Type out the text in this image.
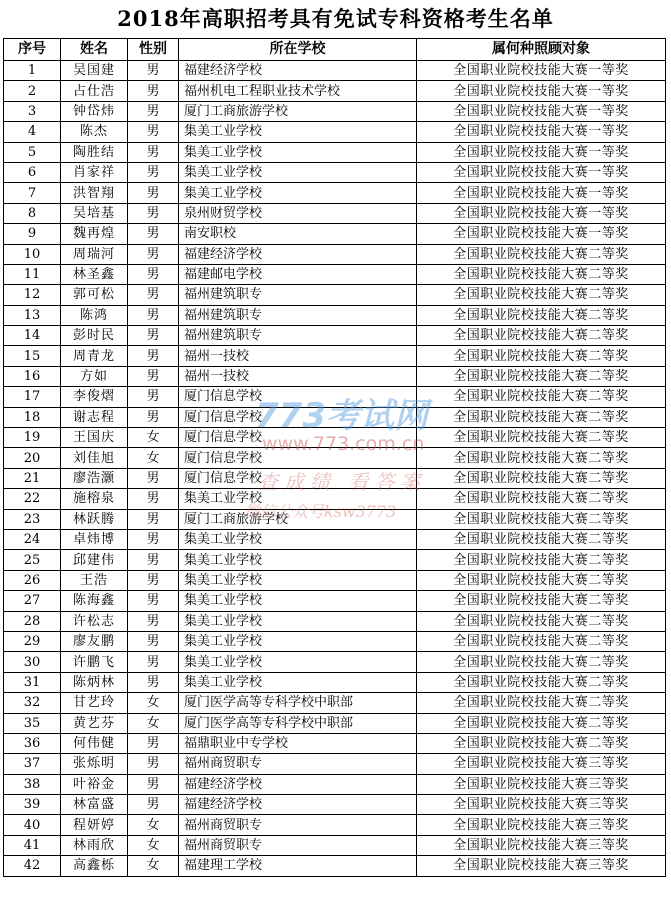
2018年高职招考具有免试专科资格考生名单
序号	姓名	性别	所在学校	属何种照顾对象
1	吴国建	男	福建经济学校	全国职业院校技能大赛一等奖
2	占仕浩	男	福州机电工程职业技术学校	全国职业院校技能大赛一等奖
3	钟岱炜	男	厦门工商旅游学校	全国职业院校技能大赛一等奖
4	陈杰	男	集美工业学校	全国职业院校技能大赛一等奖
5	陶胜结	男	集美工业学校	全国职业院校技能大赛一等奖
6	肖家祥	男	集美工业学校	全国职业院校技能大赛一等奖
7	洪智翔	男	集美工业学校	全国职业院校技能大赛一等奖
8	吴培基	男	泉州财贸学校	全国职业院校技能大赛一等奖
9	魏再煌	男	南安职校	全国职业院校技能大赛一等奖
10	周瑞河	男	福建经济学校	全国职业院校技能大赛二等奖
11	林圣鑫	男	福建邮电学校	全国职业院校技能大赛二等奖
12	郭可松	男	福州建筑职专	全国职业院校技能大赛二等奖
13	陈鸿	男	福州建筑职专	全国职业院校技能大赛二等奖
14	彭时民	男	福州建筑职专	全国职业院校技能大赛二等奖
15	周青龙	男	福州一技校	全国职业院校技能大赛二等奖
16	方如	男	福州一技校	全国职业院校技能大赛二等奖
17	李俊熠	男	厦门信息学校	全国职业院校技能大赛二等奖
18	谢志程	男	厦门信息学校	全国职业院校技能大赛二等奖
19	王国庆	女	厦门信息学校	全国职业院校技能大赛二等奖
20	刘佳旭	女	厦门信息学校	全国职业院校技能大赛二等奖
21	廖浩灏	男	厦门信息学校	全国职业院校技能大赛二等奖
22	施榕泉	男	集美工业学校	全国职业院校技能大赛二等奖
23	林跃腾	男	厦门工商旅游学校	全国职业院校技能大赛二等奖
24	卓炜博	男	集美工业学校	全国职业院校技能大赛二等奖
25	邱建伟	男	集美工业学校	全国职业院校技能大赛二等奖
26	王浩	男	集美工业学校	全国职业院校技能大赛二等奖
27	陈海鑫	男	集美工业学校	全国职业院校技能大赛二等奖
28	许松志	男	集美工业学校	全国职业院校技能大赛二等奖
29	廖友鹏	男	集美工业学校	全国职业院校技能大赛二等奖
30	许鹏飞	男	集美工业学校	全国职业院校技能大赛二等奖
31	陈炳林	男	集美工业学校	全国职业院校技能大赛二等奖
32	甘艺玲	女	厦门医学高等专科学校中职部	全国职业院校技能大赛二等奖
35	黄艺芬	女	厦门医学高等专科学校中职部	全国职业院校技能大赛二等奖
36	何伟健	男	福鼎职业中专学校	全国职业院校技能大赛二等奖
37	张烁明	男	福州商贸职专	全国职业院校技能大赛三等奖
38	叶裕金	男	福建经济学校	全国职业院校技能大赛三等奖
39	林富盛	男	福建经济学校	全国职业院校技能大赛三等奖
40	程妍婷	女	福州商贸职专	全国职业院校技能大赛三等奖
41	林雨欣	女	福州商贸职专	全国职业院校技能大赛三等奖
42	高鑫栎	女	福建理工学校	全国职业院校技能大赛三等奖
773考试网
www.773.com.cn
查成绩 看答案
微信公众号ksw3773
